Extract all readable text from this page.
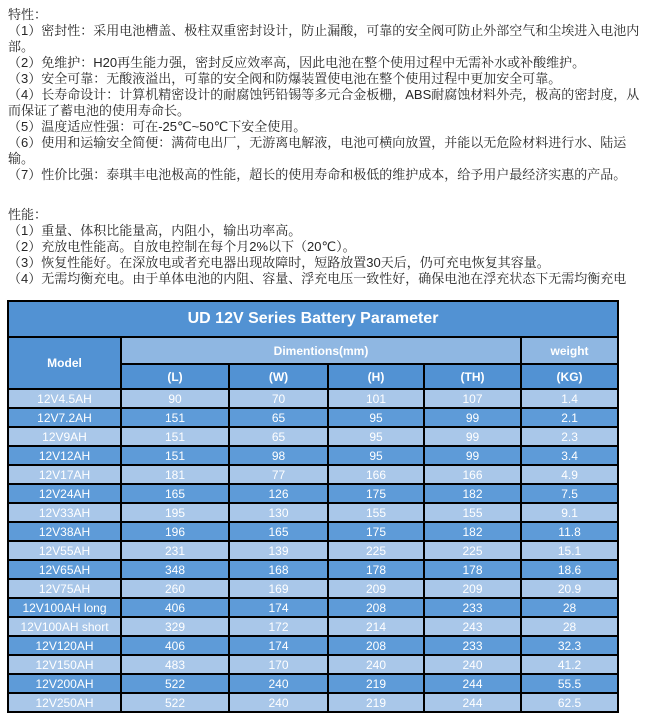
特性：

（1）密封性：采用电池槽盖、极柱双重密封设计，防止漏酸，可靠的安全阀可防止外部空气和尘埃进入电池内部。

（2）免维护：H20再生能力强，密封反应效率高，因此电池在整个使用过程中无需补水或补酸维护。

（3）安全可靠：无酸液溢出，可靠的安全阀和防爆装置使电池在整个使用过程中更加安全可靠。

（4）长寿命设计：计算机精密设计的耐腐蚀钙铅锡等多元合金板栅，ABS耐腐蚀材料外壳，极高的密封度，从而保证了蓄电池的使用寿命长。

（5）温度适应性强：可在-25℃~50℃下安全使用。

（6）使用和运输安全简便：满荷电出厂，无游离电解液，电池可横向放置，并能以无危险材料进行水、陆运输。

（7）性价比强：泰琪丰电池极高的性能，超长的使用寿命和极低的维护成本，给予用户最经济实惠的产品。

性能：

（1）重量、体积比能量高，内阻小，输出功率高。

（2）充放电性能高。自放电控制在每个月2%以下（20℃）。

（3）恢复性能好。在深放电或者充电器出现故障时，短路放置30天后，仍可充电恢复其容量。

（4）无需均衡充电。由于单体电池的内阻、容量、浮充电压一致性好，确保电池在浮充状态下无需均衡充电

UD 12V Series Battery Parameter					
Model	Dimentions(mm)				weight
	(L)	(W)	(H)	(TH)	(KG)
12V4.5AH	90	70	101	107	1.4
12V7.2AH	151	65	95	99	2.1
12V9AH	151	65	95	99	2.3
12V12AH	151	98	95	99	3.4
12V17AH	181	77	166	166	4.9
12V24AH	165	126	175	182	7.5
12V33AH	195	130	155	155	9.1
12V38AH	196	165	175	182	11.8
12V55AH	231	139	225	225	15.1
12V65AH	348	168	178	178	18.6
12V75AH	260	169	209	209	20.9
12V100AH long	406	174	208	233	28
12V100AH short	329	172	214	243	28
12V120AH	406	174	208	233	32.3
12V150AH	483	170	240	240	41.2
12V200AH	522	240	219	244	55.5
12V250AH	522	240	219	244	62.5
